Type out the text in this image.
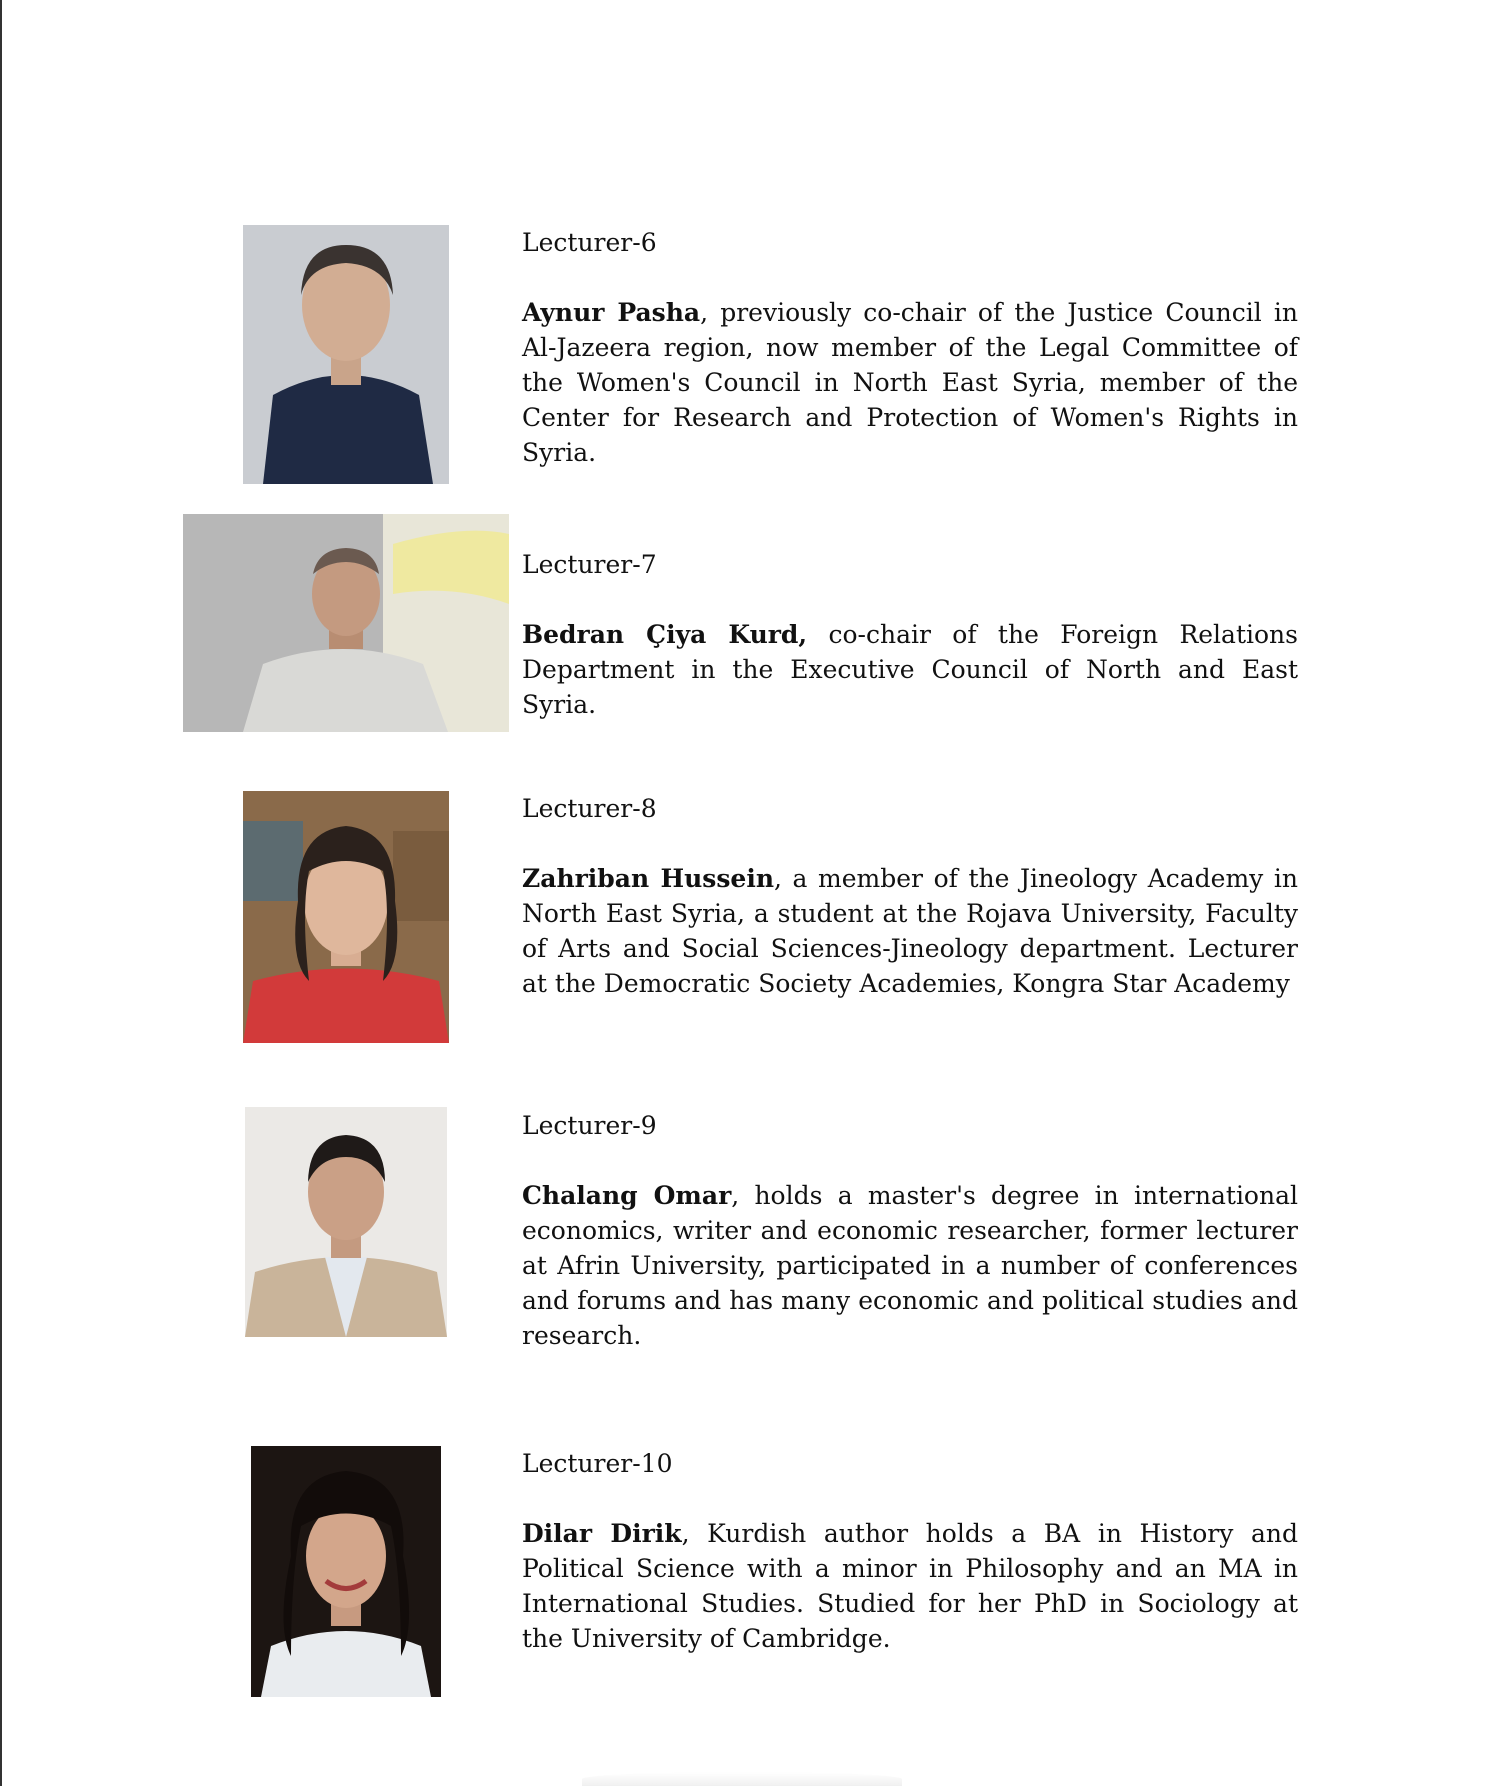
Lecturer-6

Aynur Pasha, previously co-chair of the Justice Council in Al-Jazeera region, now member of the Legal Committee of the Women's Council in North East Syria, member of the Center for Research and Protection of Women's Rights in Syria.

Lecturer-7

Bedran Çiya Kurd, co-chair of the Foreign Relations Department in the Executive Council of North and East Syria.

Lecturer-8

Zahriban Hussein, a member of the Jineology Academy in North East Syria, a student at the Rojava University, Faculty of Arts and Social Sciences-Jineology department. Lecturer at the Democratic Society Academies, Kongra Star Academy

Lecturer-9

Chalang Omar, holds a master's degree in international economics, writer and economic researcher, former lecturer at Afrin University, participated in a number of conferences and forums and has many economic and political studies and research.

Lecturer-10

Dilar Dirik, Kurdish author holds a BA in History and Political Science with a minor in Philosophy and an MA in International Studies. Studied for her PhD in Sociology at the University of Cambridge.
